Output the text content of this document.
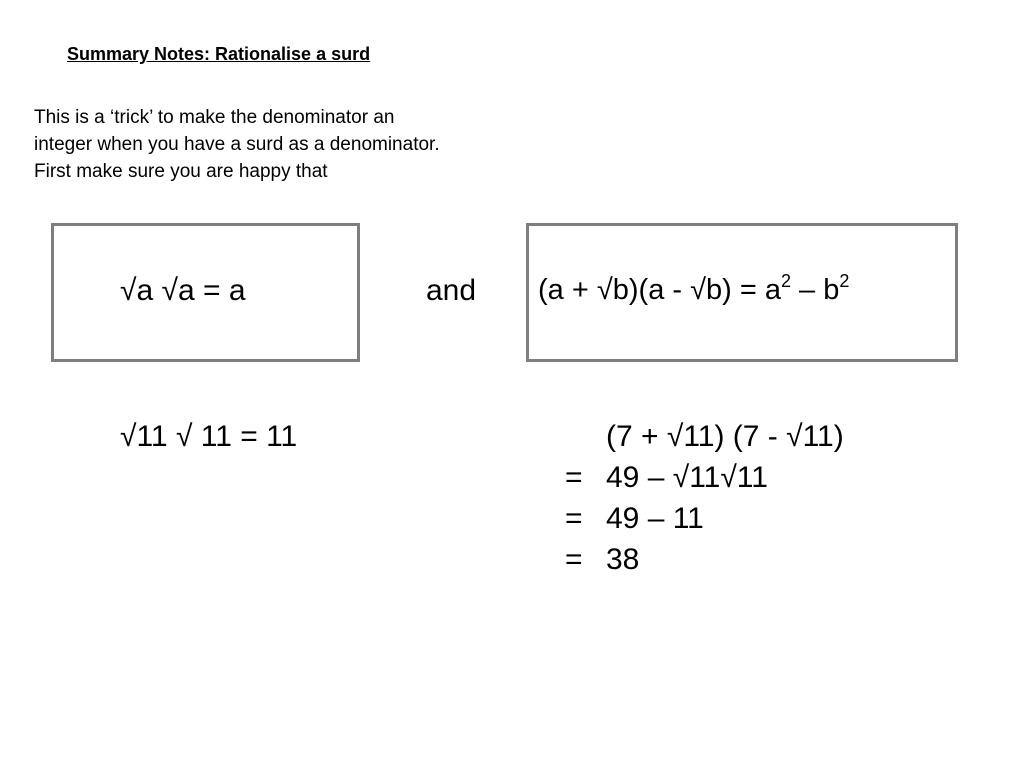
Summary Notes: Rationalise a surd
This is a ‘trick’ to make the denominator an
integer when you have a surd as a denominator.
First make sure you are happy that
√a √a = a	and $(a + √b)(a - √b) = a^2 - b^2$
√11 √ 11 = 11	(7 + √11) (7 - √11)
= 49 – √11√11
= 49 – 11
= 38
